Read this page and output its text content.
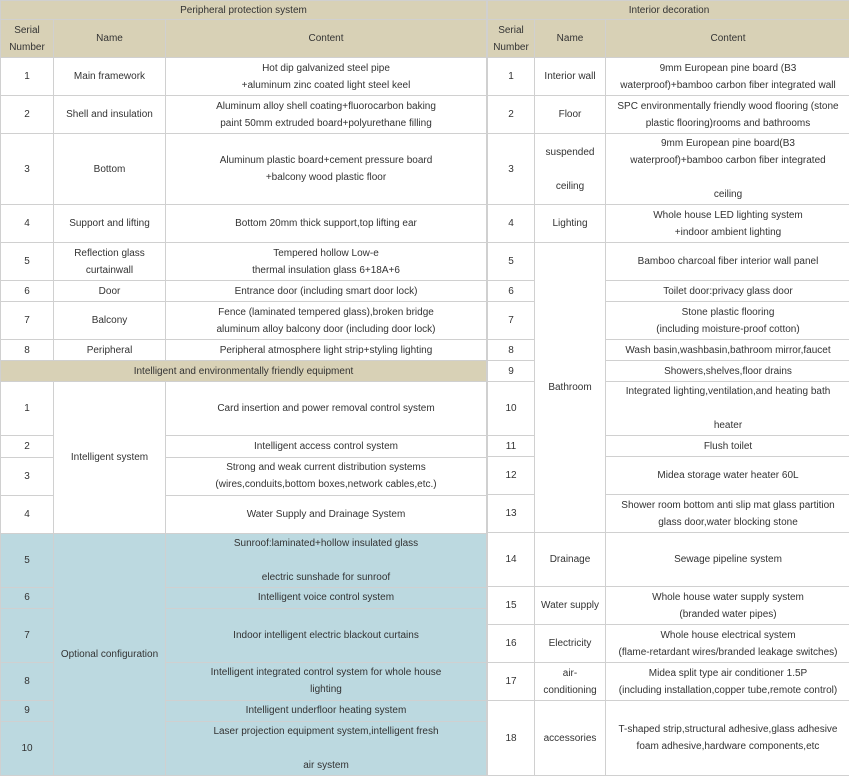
Peripheral protection system		
Serial
Number	Name	Content
1	Main framework	Hot dip galvanized steel pipe
+aluminum zinc coated light steel keel
2	Shell and insulation	Aluminum alloy shell coating+fluorocarbon baking
paint 50mm extruded board+polyurethane filling
3	Bottom	Aluminum plastic board+cement pressure board
+balcony wood plastic floor
4	Support and lifting	Bottom 20mm thick support,top lifting ear
5	Reflection glass
curtainwall	Tempered hollow Low-e
thermal insulation glass 6+18A+6
6	Door	Entrance door (including smart door lock)
7	Balcony	Fence (laminated tempered glass),broken bridge
aluminum alloy balcony door (including door lock)
8	Peripheral	Peripheral atmosphere light strip+styling lighting
Intelligent and environmentally friendly equipment		
1	Intelligent system	Card insertion and power removal control system
2		Intelligent access control system
3		Strong and weak current distribution systems
(wires,conduits,bottom boxes,network cables,etc.)
4		Water Supply and Drainage System
5	Optional configuration	Sunroof:laminated+hollow insulated glass

electric sunshade for sunroof
6		Intelligent voice control system
7		Indoor intelligent electric blackout curtains
8		Intelligent integrated control system for whole house
lighting
9		Intelligent underfloor heating system
10		Laser projection equipment system,intelligent fresh

air system
Interior decoration		
Serial
Number	Name	Content
1	Interior wall	9mm European pine board (B3
waterproof)+bamboo carbon fiber integrated wall
2	Floor	SPC environmentally friendly wood flooring (stone
plastic flooring)rooms and bathrooms
3	suspended

ceiling	9mm European pine board(B3
waterproof)+bamboo carbon fiber integrated

ceiling
4	Lighting	Whole house LED lighting system
+indoor ambient lighting
5	Bathroom	Bamboo charcoal fiber interior wall panel
6		Toilet door:privacy glass door
7		Stone plastic flooring
(including moisture-proof cotton)
8		Wash basin,washbasin,bathroom mirror,faucet
9		Showers,shelves,floor drains
10		Integrated lighting,ventilation,and heating bath

heater
11		Flush toilet
12		Midea storage water heater 60L
13		Shower room bottom anti slip mat glass partition
glass door,water blocking stone
14	Drainage	Sewage pipeline system
15	Water supply	Whole house water supply system
(branded water pipes)
16	Electricity	Whole house electrical system
(flame-retardant wires/branded leakage switches)
17	air-
conditioning	Midea split type air conditioner 1.5P
(including installation,copper tube,remote control)
18	accessories	T-shaped strip,structural adhesive,glass adhesive
foam adhesive,hardware components,etc
